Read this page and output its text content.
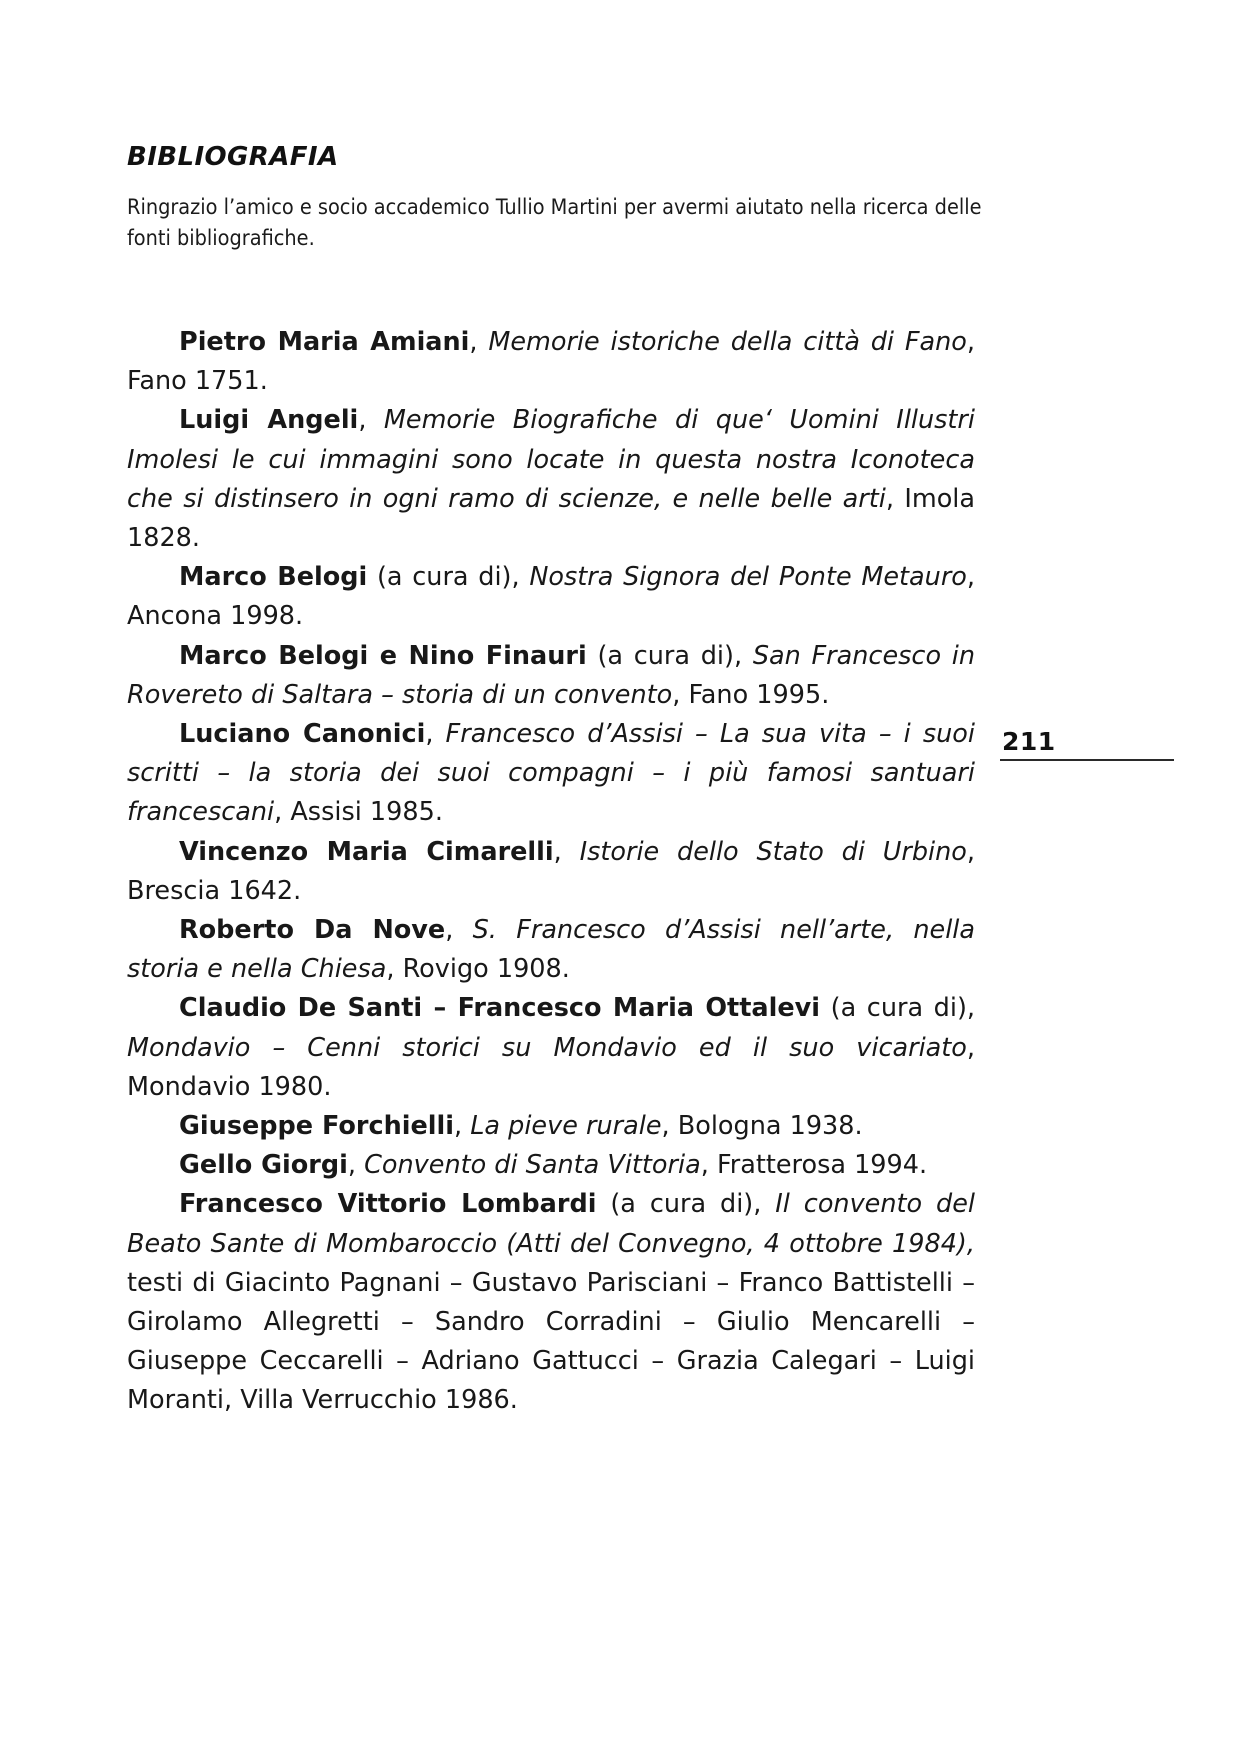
BIBLIOGRAFIA
Ringrazio l’amico e socio accademico Tullio Martini per avermi aiutato nella ricerca delle fonti bibliografiche.

Pietro Maria Amiani, Memorie istoriche della città di Fano, Fano 1751.

Luigi Angeli, Memorie Biografiche di que‘ Uomini Illustri Imolesi le cui immagini sono locate in questa nostra Iconoteca che si distinsero in ogni ramo di scienze, e nelle belle arti, Imola 1828.

Marco Belogi (a cura di), Nostra Signora del Ponte Metauro, Ancona 1998.

Marco Belogi e Nino Finauri (a cura di), San Francesco in Rovereto di Saltara – storia di un convento, Fano 1995.

Luciano Canonici, Francesco d’Assisi – La sua vita – i suoi scritti – la storia dei suoi compagni – i più famosi santuari francescani, Assisi 1985.

Vincenzo Maria Cimarelli, Istorie dello Stato di Urbino, Brescia 1642.

Roberto Da Nove, S. Francesco d’Assisi nell’arte, nella storia e nella Chiesa, Rovigo 1908.

Claudio De Santi – Francesco Maria Ottalevi (a cura di), Mondavio – Cenni storici su Mondavio ed il suo vicariato, Mondavio 1980.

Giuseppe Forchielli, La pieve rurale, Bologna 1938.

Gello Giorgi, Convento di Santa Vittoria, Fratterosa 1994.

Francesco Vittorio Lombardi (a cura di), Il convento del Beato Sante di Mombaroccio (Atti del Convegno, 4 ottobre 1984), testi di Giacinto Pagnani – Gustavo Parisciani – Franco Battistelli – Girolamo Allegretti – Sandro Corradini – Giulio Mencarelli – Giuseppe Ceccarelli – Adriano Gattucci – Grazia Calegari – Luigi Moranti, Villa Verrucchio 1986.

211
